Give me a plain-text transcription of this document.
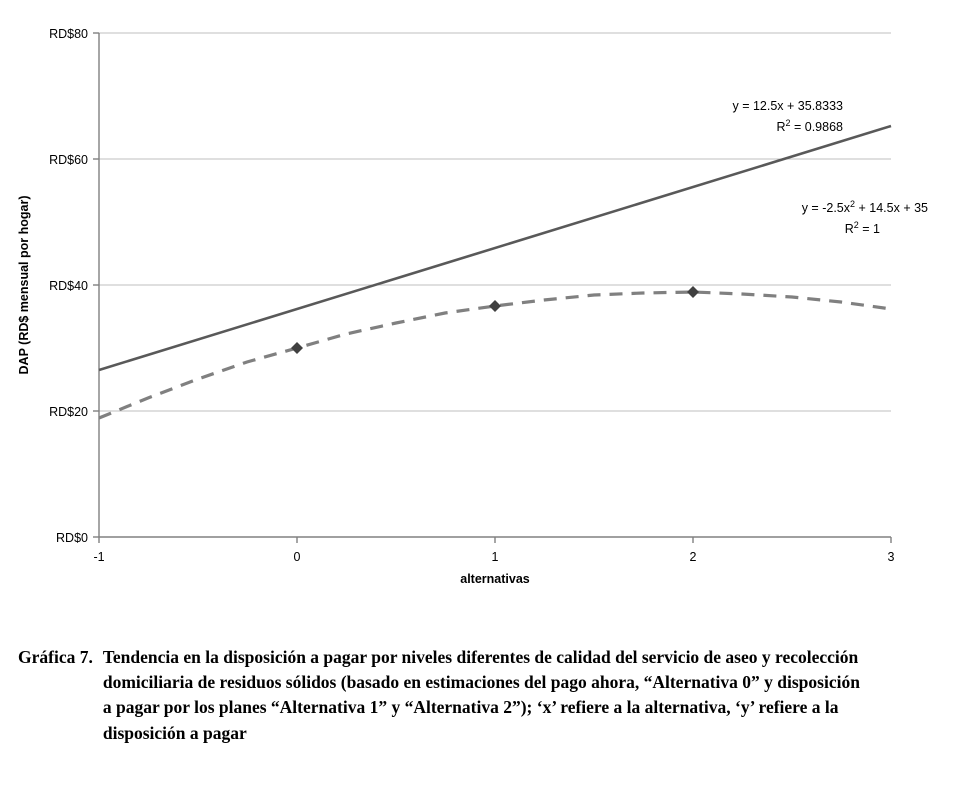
RD$0
RD$20
RD$40
RD$60
RD$80
-1	0	1	2	3
alternativas
DAP (RD$ mensual por hogar)
y = 12.5x + 35.8333
$R^2 = 0.9868$
$y = -2.5x^2 + 14.5x + 35$
$R^2 = 1$
Gráfica 7. Tendencia en la disposición a pagar por niveles diferentes de calidad del servicio de aseo y recolección domiciliaria de residuos sólidos (basado en estimaciones del pago ahora, “Alternativa 0” y disposición a pagar por los planes “Alternativa 1” y “Alternativa 2”); ‘x’ refiere a la alternativa, ‘y’ refiere a la disposición a pagar
